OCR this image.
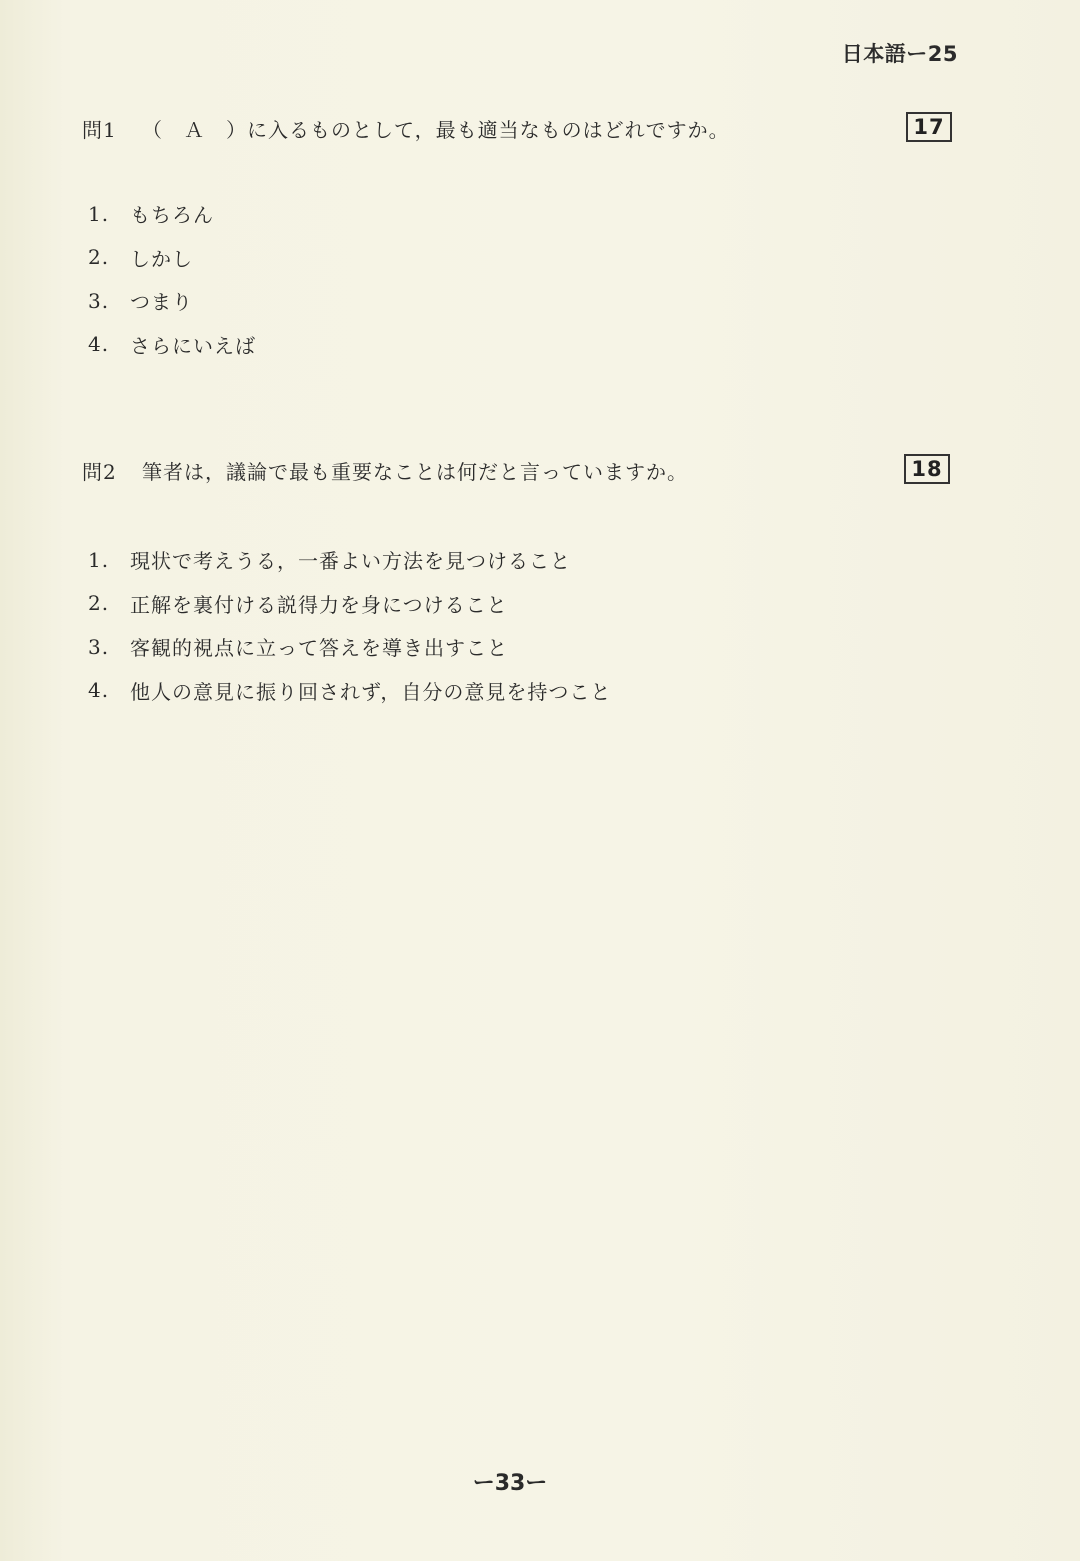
日本語ー25
問1	（　Ａ　）に入るものとして，最も適当なものはどれですか。	17
1.	もちろん
2.	しかし
3.	つまり
4.	さらにいえば
問2	筆者は，議論で最も重要なことは何だと言っていますか。	18
1.	現状で考えうる，一番よい方法を見つけること
2.	正解を裏付ける説得力を身につけること
3.	客観的視点に立って答えを導き出すこと
4.	他人の意見に振り回されず，自分の意見を持つこと
ー33ー
